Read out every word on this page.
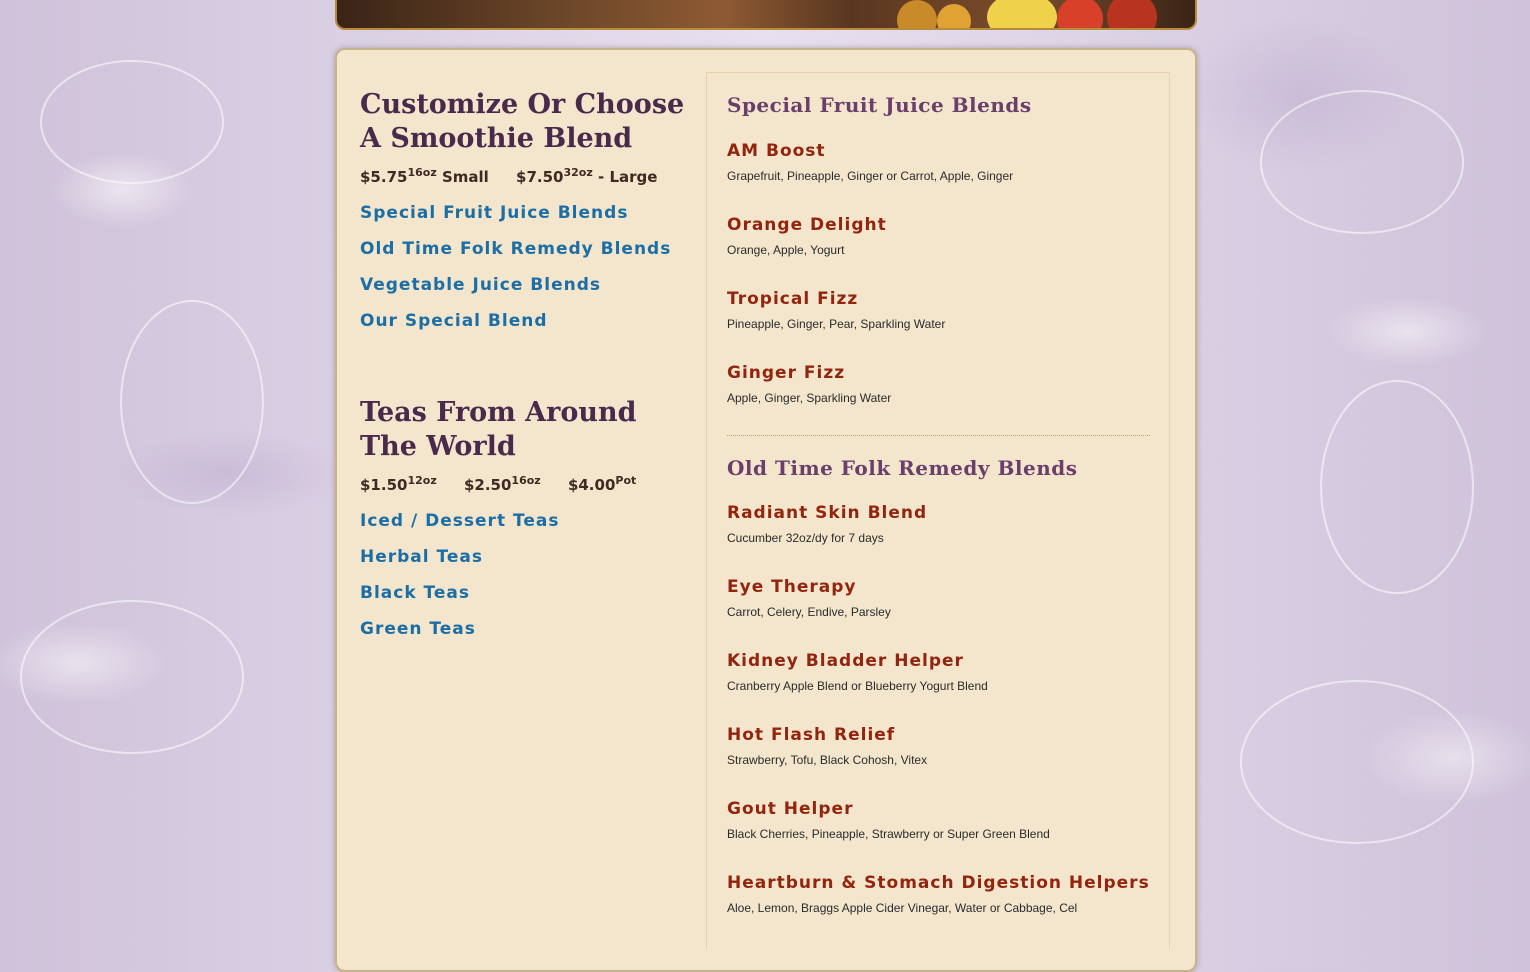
Customize Or Choose A Smoothie Blend
$\$5.75^{16oz}$ Small $\$7.50^{32oz}$ - Large
Special Fruit Juice Blends
Old Time Folk Remedy Blends
Vegetable Juice Blends
Our Special Blend
Teas From Around The World
$\$1.50^{12oz}$ $\$2.50^{16oz}$ $\$4.00^{Pot}$
Iced / Dessert Teas
Herbal Teas
Black Teas
Green Teas
Special Fruit Juice Blends
AM Boost
Grapefruit, Pineapple, Ginger or Carrot, Apple, Ginger
Orange Delight
Orange, Apple, Yogurt
Tropical Fizz
Pineapple, Ginger, Pear, Sparkling Water
Ginger Fizz
Apple, Ginger, Sparkling Water
Old Time Folk Remedy Blends
Radiant Skin Blend
Cucumber 32oz/dy for 7 days
Eye Therapy
Carrot, Celery, Endive, Parsley
Kidney Bladder Helper
Cranberry Apple Blend or Blueberry Yogurt Blend
Hot Flash Relief
Strawberry, Tofu, Black Cohosh, Vitex
Gout Helper
Black Cherries, Pineapple, Strawberry or Super Green Blend
Heartburn & Stomach Digestion Helpers
Aloe, Lemon, Braggs Apple Cider Vinegar, Water or Cabbage, Cel
